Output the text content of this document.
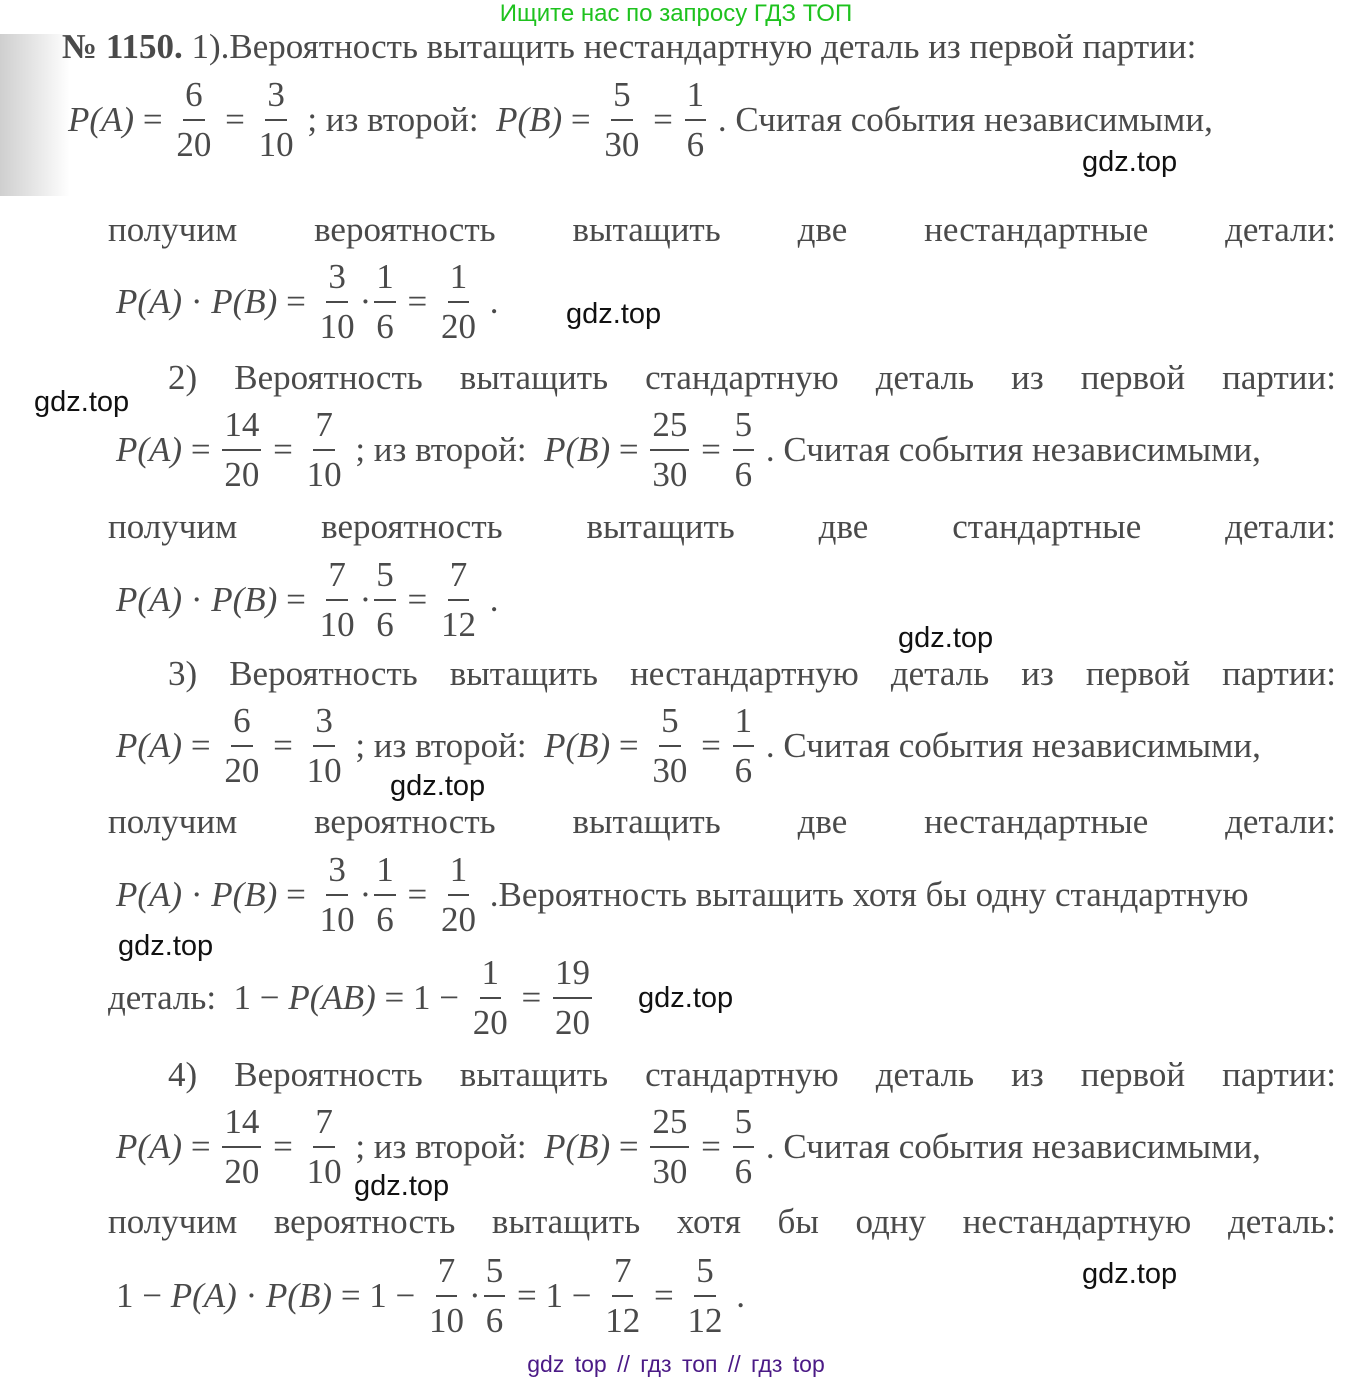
Ищите нас по запросу ГДЗ ТОП
№ 1150. 1).Вероятность вытащить нестандартную деталь из первой партии:
$P(A) = \frac{6}{20} = \frac{3}{10}$ ; из второй: $P(B) = \frac{5}{30} = \frac{1}{6}$ . Считая события независимыми,
получим вероятность вытащить две нестандартные детали:
$P(A) \cdot P(B) = \frac{3}{10} \cdot \frac{1}{6} = \frac{1}{20}$ .
2) Вероятность вытащить стандартную деталь из первой партии:
$P(A) = \frac{14}{20} = \frac{7}{10}$ ; из второй: $P(B) = \frac{25}{30} = \frac{5}{6}$ . Считая события независимыми,
получим вероятность вытащить две стандартные детали:
$P(A) \cdot P(B) = \frac{7}{10} \cdot \frac{5}{6} = \frac{7}{12}$ .
3) Вероятность вытащить нестандартную деталь из первой партии:
$P(A) = \frac{6}{20} = \frac{3}{10}$ ; из второй: $P(B) = \frac{5}{30} = \frac{1}{6}$ . Считая события независимыми,
получим вероятность вытащить две нестандартные детали:
$P(A) \cdot P(B) = \frac{3}{10} \cdot \frac{1}{6} = \frac{1}{20}$ .Вероятность вытащить хотя бы одну стандартную
деталь:  $1 - P(AB) = 1 - \frac{1}{20} = \frac{19}{20}$
4) Вероятность вытащить стандартную деталь из первой партии:
$P(A) = \frac{14}{20} = \frac{7}{10}$ ; из второй: $P(B) = \frac{25}{30} = \frac{5}{6}$ . Считая события независимыми,
получим вероятность вытащить хотя бы одну нестандартную деталь:
$1 - P(A) \cdot P(B) = 1 - \frac{7}{10} \cdot \frac{5}{6} = 1 - \frac{7}{12} = \frac{5}{12}$ .
gdz.top
gdz.top
gdz.top
gdz.top
gdz.top
gdz.top
gdz.top
gdz.top
gdz.top
gdz top // гдз топ // гдз top
